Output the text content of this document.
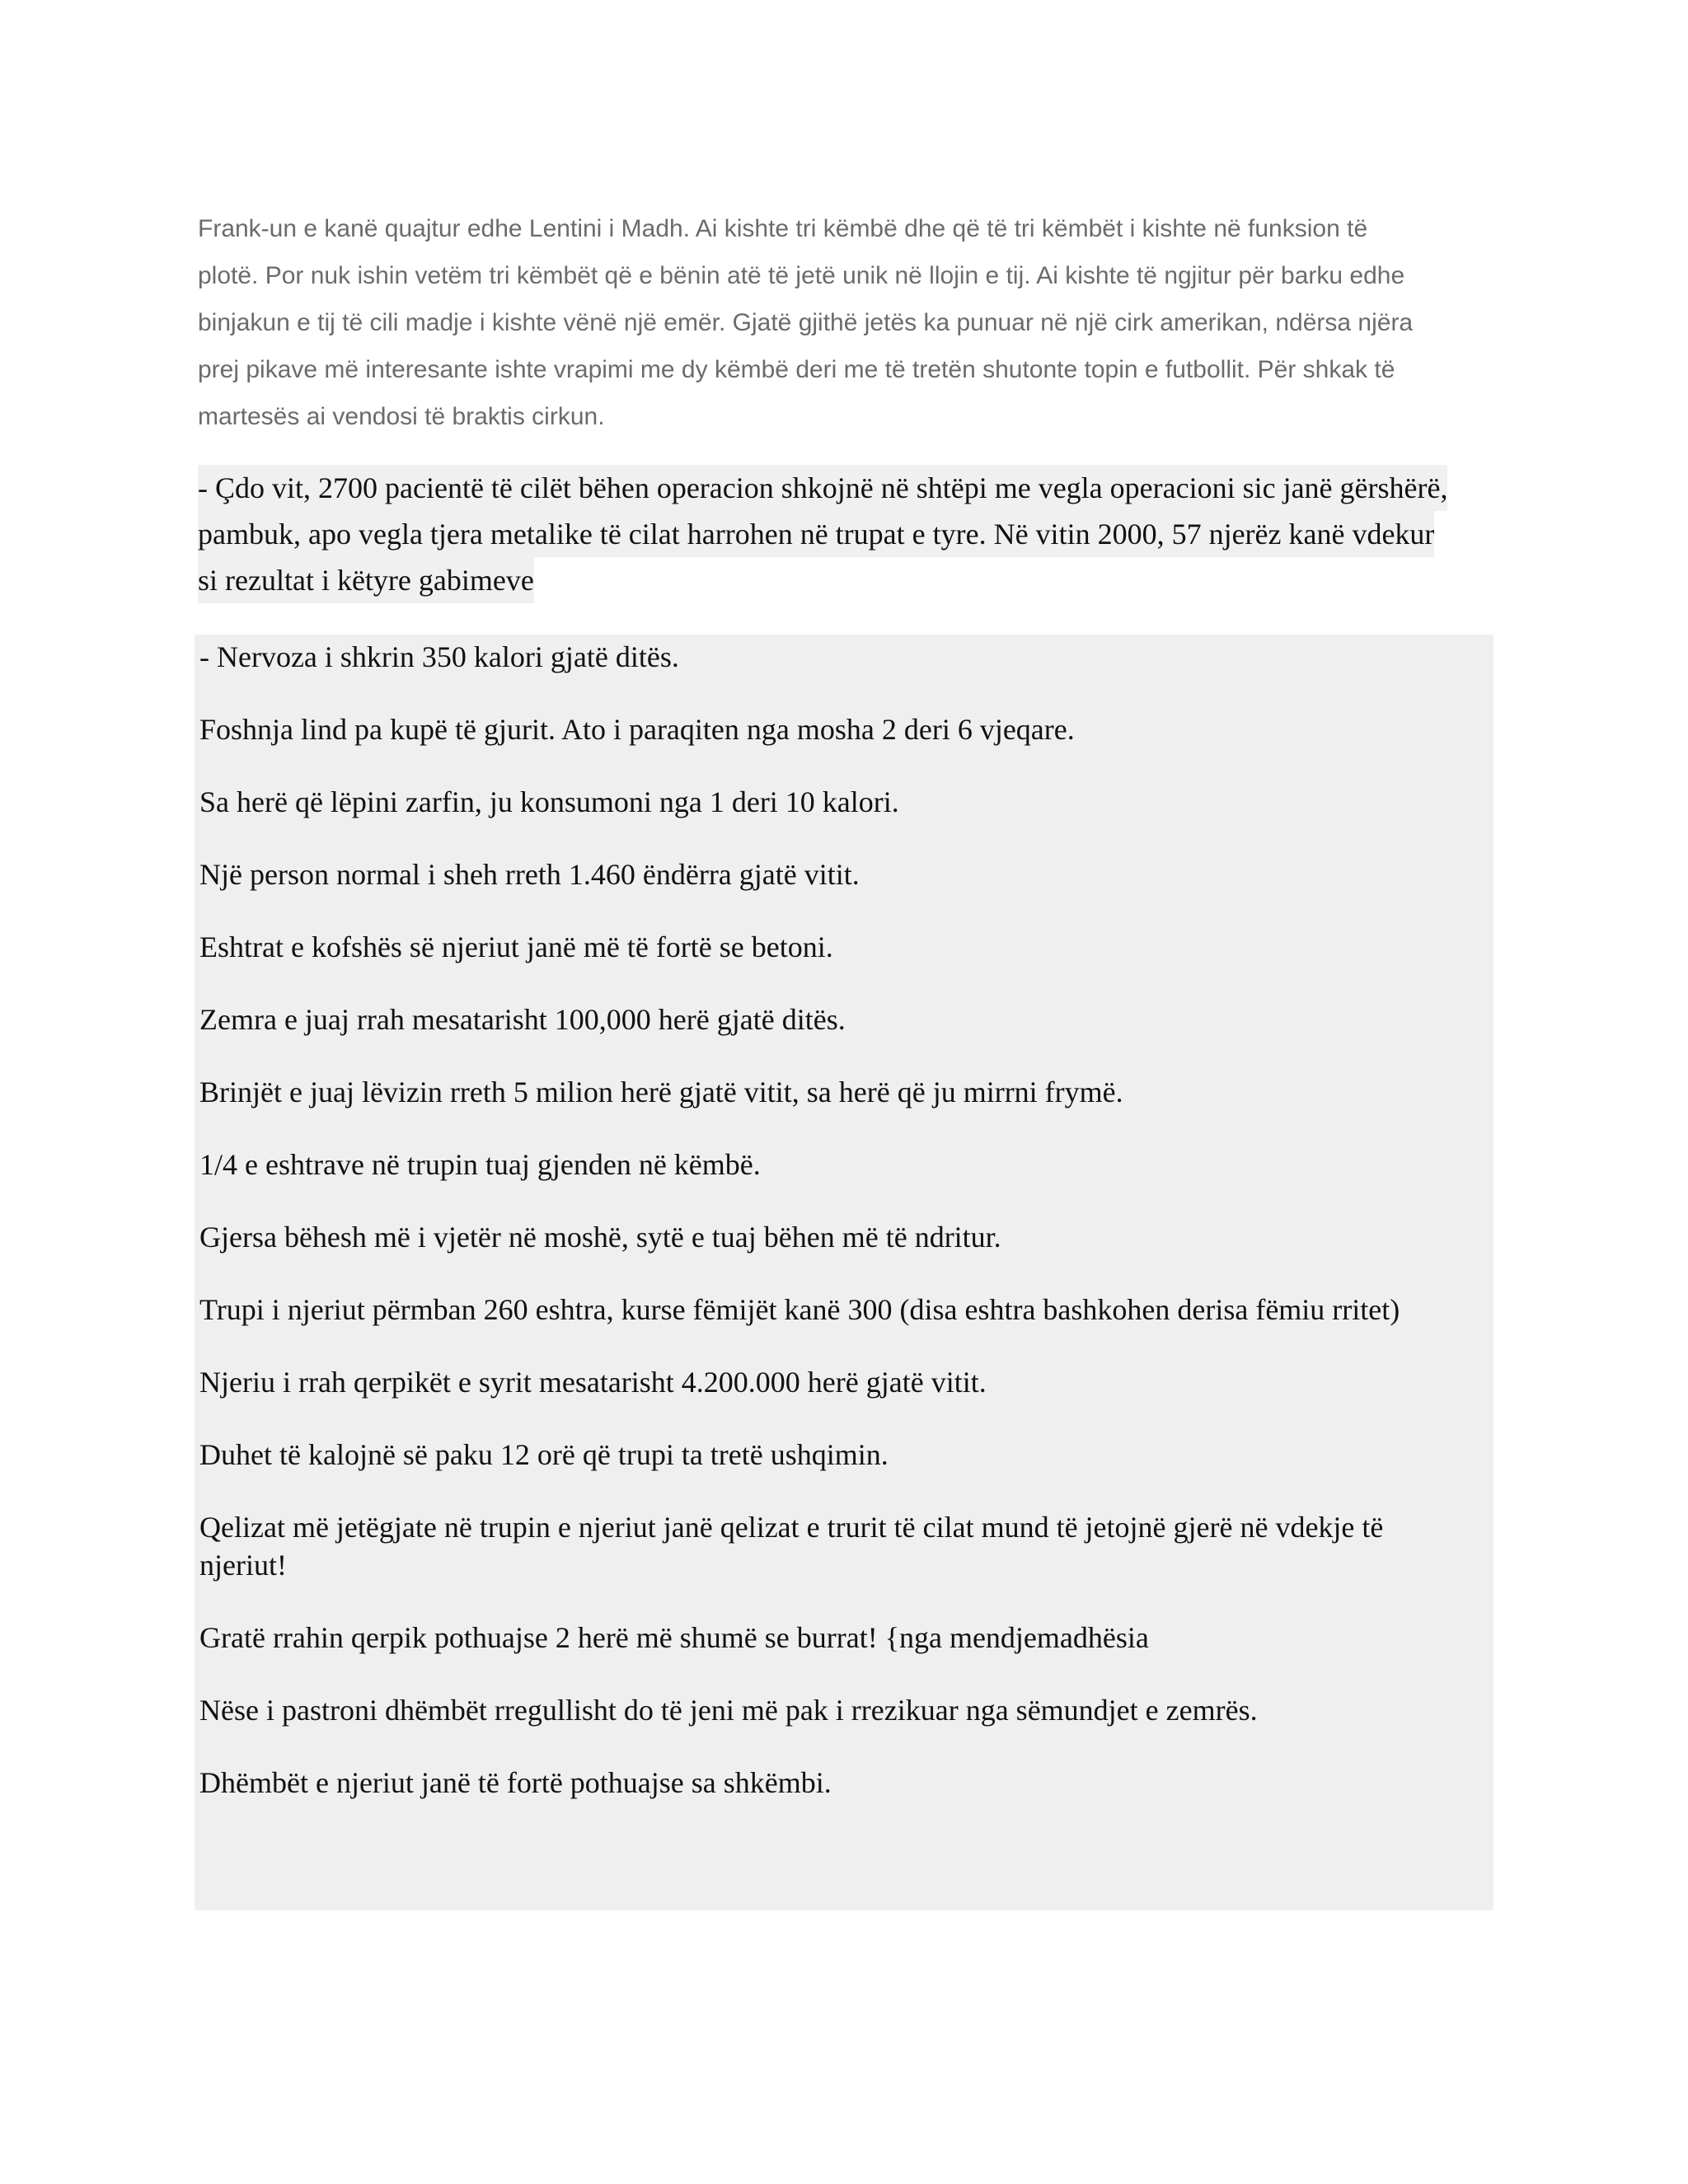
Frank-un e kanë quajtur edhe Lentini i Madh. Ai kishte tri këmbë dhe që të tri këmbët i kishte në funksion të
plotë. Por nuk ishin vetëm tri këmbët që e bënin atë të jetë unik në llojin e tij. Ai kishte të ngjitur për barku edhe
binjakun e tij të cili madje i kishte vënë një emër. Gjatë gjithë jetës ka punuar në një cirk amerikan, ndërsa njëra
prej pikave më interesante ishte vrapimi me dy këmbë deri me të tretën shutonte topin e futbollit. Për shkak të
martesës ai vendosi të braktis cirkun.
- Çdo vit, 2700 pacientë të cilët bëhen operacion shkojnë në shtëpi me vegla operacioni sic janë gërshërë,
pambuk, apo vegla tjera metalike të cilat harrohen në trupat e tyre. Në vitin 2000, 57 njerëz kanë vdekur
si rezultat i këtyre gabimeve

- Nervoza i shkrin 350 kalori gjatë ditës.

Foshnja lind pa kupë të gjurit. Ato i paraqiten nga mosha 2 deri 6 vjeqare.

Sa herë që lëpini zarfin, ju konsumoni nga 1 deri 10 kalori.

Një person normal i sheh rreth 1.460 ëndërra gjatë vitit.

Eshtrat e kofshës së njeriut janë më të fortë se betoni.

Zemra e juaj rrah mesatarisht 100,000 herë gjatë ditës.

Brinjët e juaj lëvizin rreth 5 milion herë gjatë vitit, sa herë që ju mirrni frymë.

1/4 e eshtrave në trupin tuaj gjenden në këmbë.

Gjersa bëhesh më i vjetër në moshë, sytë e tuaj bëhen më të ndritur.

Trupi i njeriut përmban 260 eshtra, kurse fëmijët kanë 300 (disa eshtra bashkohen derisa fëmiu rritet)

Njeriu i rrah qerpikët e syrit mesatarisht 4.200.000 herë gjatë vitit.

Duhet të kalojnë së paku 12 orë që trupi ta tretë ushqimin.

Qelizat më jetëgjate në trupin e njeriut janë qelizat e trurit të cilat mund të jetojnë gjerë në vdekje të njeriut!

Gratë rrahin qerpik pothuajse 2 herë më shumë se burrat! {nga mendjemadhësia

Nëse i pastroni dhëmbët rregullisht do të jeni më pak i rrezikuar nga sëmundjet e zemrës.

Dhëmbët e njeriut janë të fortë pothuajse sa shkëmbi.
